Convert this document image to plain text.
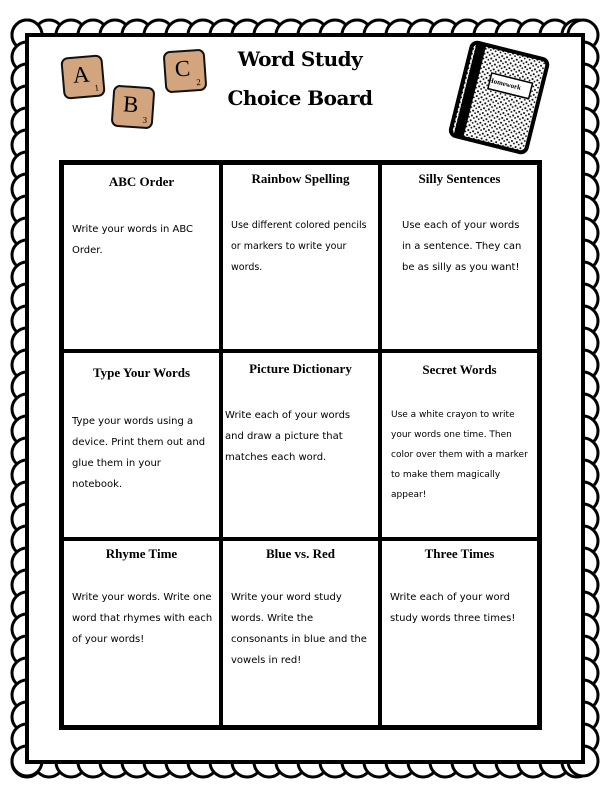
Homework
A
1
B
3
C
2
Word Study
Choice Board
ABC Order
Write your words in ABC Order.
Rainbow Spelling
Use different colored pencils or markers to write your words.
Silly Sentences
Use each of your words in a sentence. They can be as silly as you want!
Type Your Words
Type your words using a device. Print them out and glue them in your notebook.
Picture Dictionary
Write each of your words and draw a picture that matches each word.
Secret Words
Use a white crayon to write your words one time. Then color over them with a marker to make them magically appear!
Rhyme Time
Write your words. Write one word that rhymes with each of your words!
Blue vs. Red
Write your word study words. Write the consonants in blue and the vowels in red!
Three Times
Write each of your word study words three times!
